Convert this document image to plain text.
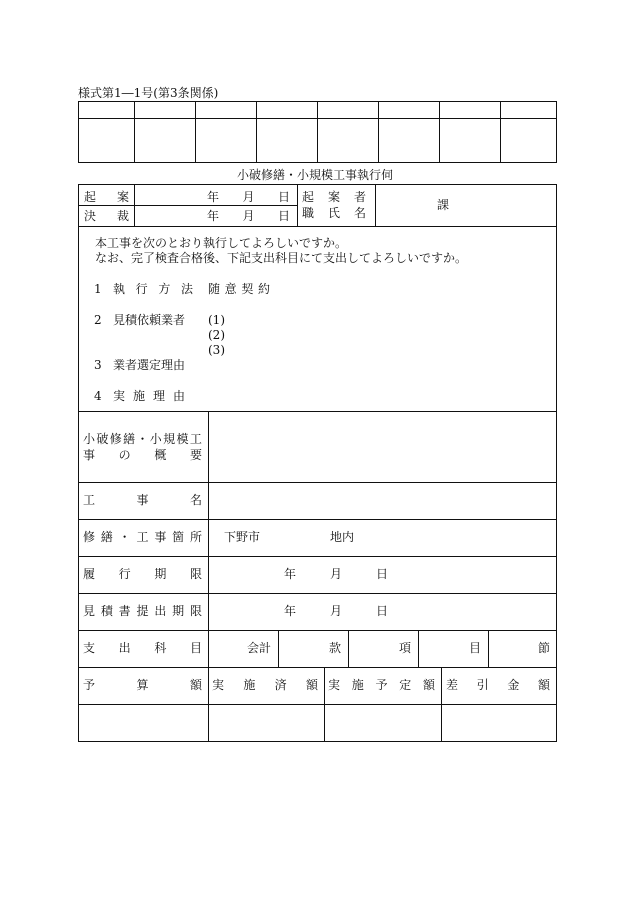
様式第1―1号(第3条関係)
小破修繕・小規模工事執行伺
起 案	年 月 日 起 案 者
課
決 裁	年 月 日 職 氏 名
本工事を次のとおり執行してよろしいですか。
なお、完了検査合格後、下記支出科目にて支出してよろしいですか。
1 執 行 方 法 随 意 契 約
2 見積依頼業者 (1)
(2)
(3)
3 業者選定理由
4 実 施 理 由
小 破 修 繕 ・ 小 規 模 工
事 の 概 要
工	事	名
修 繕 ・ 工 事 箇 所 下野市	地内
履 行 期 限	年	月	日
見 積 書 提 出 期 限	年	月	日
支 出 科 目	会計	款	項	目	節
予	算	額 実 施 済 額 実 施 予 定 額 差 引 金 額
